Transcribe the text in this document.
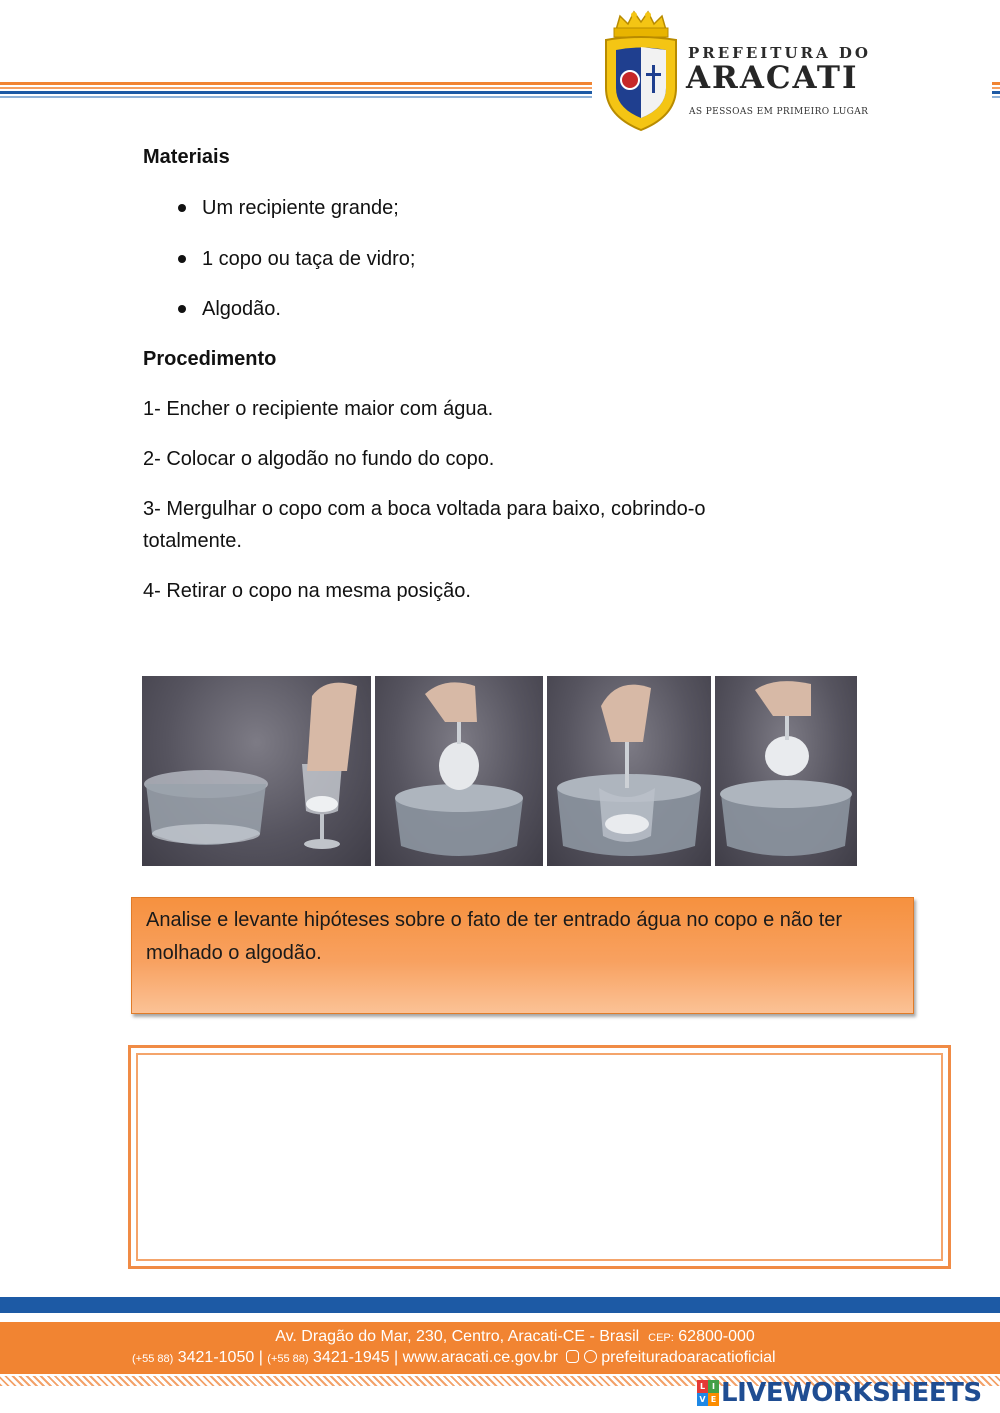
PREFEITURA DO
ARACATI
AS PESSOAS EM PRIMEIRO LUGAR
Materiais
Um recipiente grande;
1 copo ou taça de vidro;
Algodão.
Procedimento
1- Encher o recipiente maior com água.
2- Colocar o algodão no fundo do copo.
3- Mergulhar o copo com a boca voltada para baixo, cobrindo-o
totalmente.
4- Retirar o copo na mesma posição.

Analise e levante hipóteses sobre o fato de ter entrado água no copo e não ter molhado o algodão.

Av. Dragão do Mar, 230, Centro, Aracati-CE - Brasil CEP: 62800-000
(+55 88) 3421-1050 | (+55 88) 3421-1945 | www.aracati.ce.gov.br	prefeituradoaracatioficial
L I
V E LIVEWORKSHEETS
